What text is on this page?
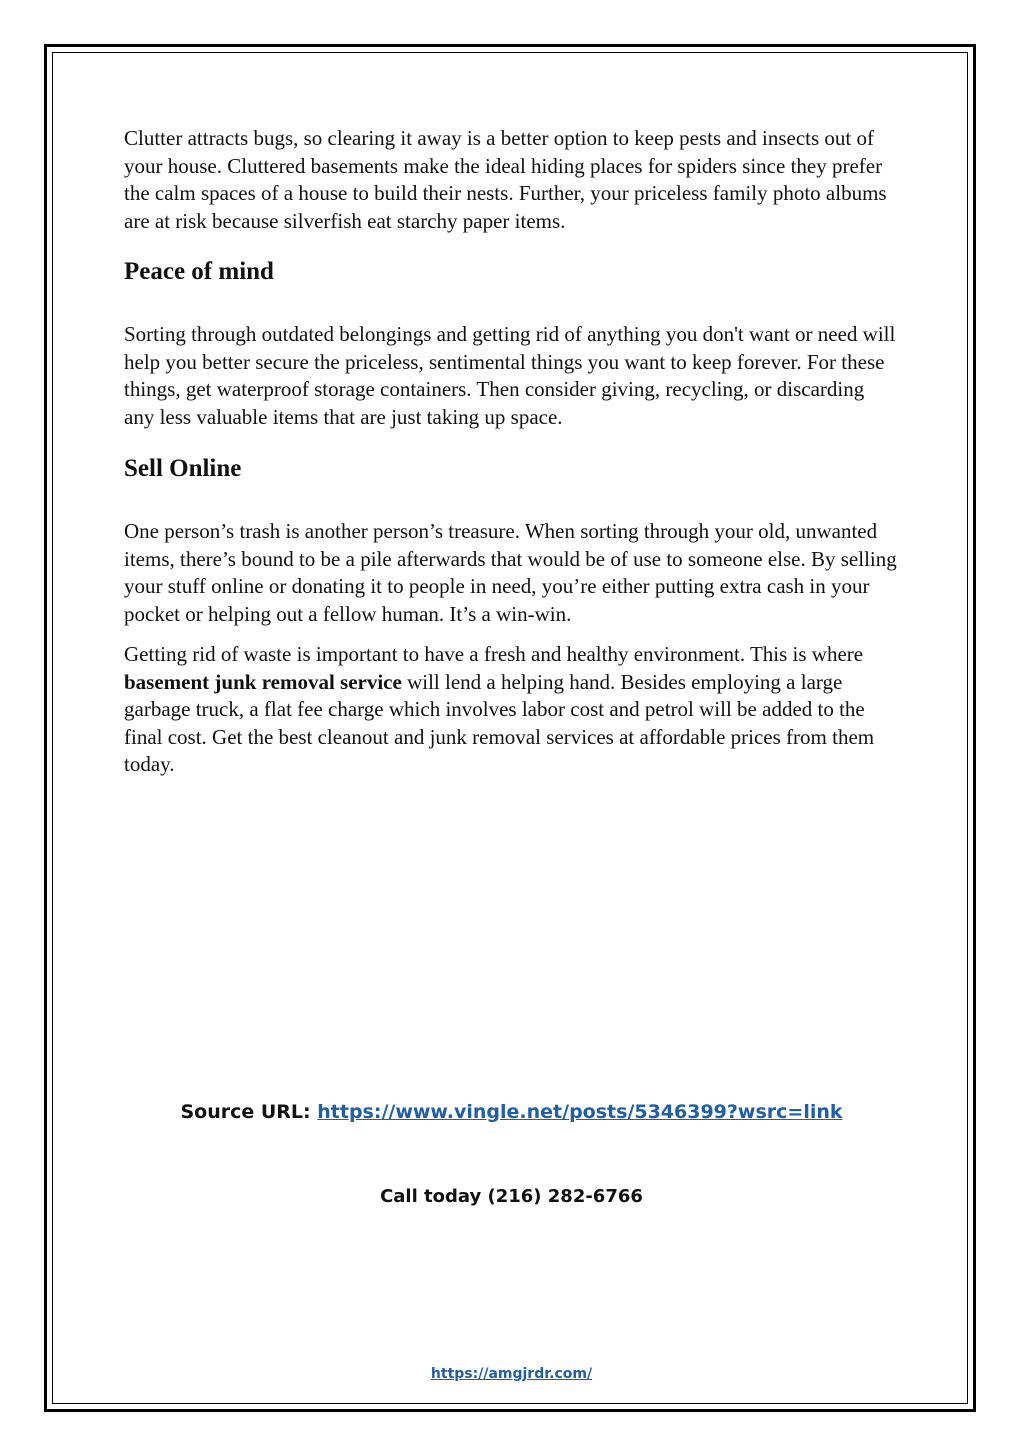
Clutter attracts bugs, so clearing it away is a better option to keep pests and insects out of your house. Cluttered basements make the ideal hiding places for spiders since they prefer the calm spaces of a house to build their nests. Further, your priceless family photo albums are at risk because silverfish eat starchy paper items.

Peace of mind

Sorting through outdated belongings and getting rid of anything you don't want or need will help you better secure the priceless, sentimental things you want to keep forever. For these things, get waterproof storage containers. Then consider giving, recycling, or discarding any less valuable items that are just taking up space.

Sell Online

One person’s trash is another person’s treasure. When sorting through your old, unwanted items, there’s bound to be a pile afterwards that would be of use to someone else. By selling your stuff online or donating it to people in need, you’re either putting extra cash in your pocket or helping out a fellow human. It’s a win-win.

Getting rid of waste is important to have a fresh and healthy environment. This is where basement junk removal service will lend a helping hand. Besides employing a large garbage truck, a flat fee charge which involves labor cost and petrol will be added to the final cost. Get the best cleanout and junk removal services at affordable prices from them today.

Source URL: https://www.vingle.net/posts/5346399?wsrc=link
Call today (216) 282-6766
https://amgjrdr.com/
